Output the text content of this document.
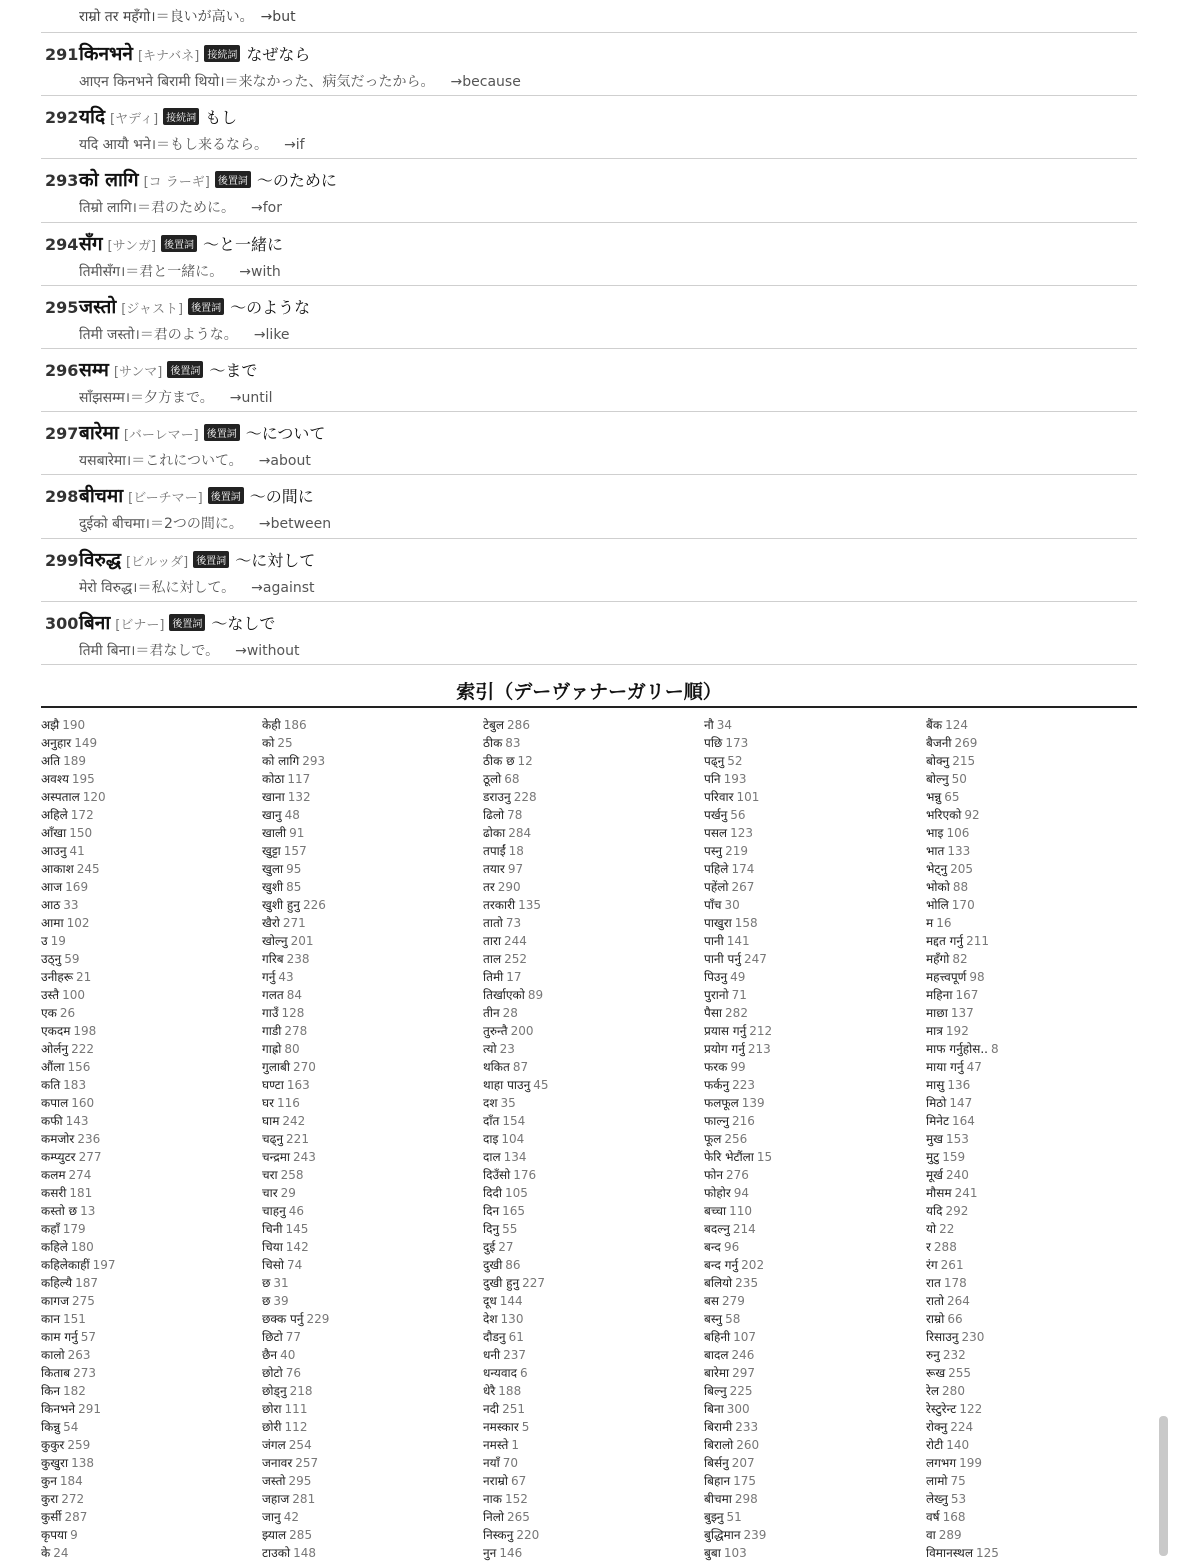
राम्रो तर महँगो।＝良いが高い。　→but
291 किनभने [キナバネ] 接続詞 なぜなら
आएन किनभने बिरामी थियो।＝来なかった、病気だったから。 →because
292 यदि [ヤディ] 接続詞 もし
यदि आयौ भने।＝もし来るなら。 →if
293 को लागि [コ ラーギ] 後置詞 〜のために
तिम्रो लागि।＝君のために。 →for
294 सँग [サンガ] 後置詞 〜と一緒に
तिमीसँग।＝君と一緒に。 →with
295 जस्तो [ジャスト] 後置詞 〜のような
तिमी जस्तो।＝君のような。 →like
296 सम्म [サンマ] 後置詞 〜まで
साँझसम्म।＝夕方まで。 →until
297 बारेमा [バーレマー] 後置詞 〜について
यसबारेमा।＝これについて。 →about
298 बीचमा [ビーチマー] 後置詞 〜の間に
दुईको बीचमा।＝2つの間に。 →between
299 विरुद्ध [ビルッダ] 後置詞 〜に対して
मेरो विरुद्ध।＝私に対して。 →against
300 बिना [ビナー] 後置詞 〜なしで
तिमी बिना।＝君なしで。 →without
索引（デーヴァナーガリー順）
अझै 190
अनुहार 149
अति 189
अवश्य 195
अस्पताल 120
अहिले 172
आँखा 150
आउनु 41
आकाश 245
आज 169
आठ 33
आमा 102
उ 19
उठ्नु 59
उनीहरू 21
उस्तै 100
एक 26
एकदम 198
ओर्लनु 222
औंला 156
कति 183
कपाल 160
कफी 143
कमजोर 236
कम्प्युटर 277
कलम 274
कसरी 181
कस्तो छ 13
कहाँ 179
कहिले 180
कहिलेकाहीं 197
कहिल्यै 187
कागज 275
कान 151
काम गर्नु 57
कालो 263
किताब 273
किन 182
किनभने 291
किन्नु 54
कुकुर 259
कुखुरा 138
कुन 184
कुरा 272
कुर्सी 287
कृपया 9
के 24
केही 186
को 25
को लागि 293
कोठा 117
खाना 132
खानु 48
खाली 91
खुट्टा 157
खुला 95
खुशी 85
खुशी हुनु 226
खैरो 271
खोल्नु 201
गरिब 238
गर्नु 43
गलत 84
गाउँ 128
गाडी 278
गाह्रो 80
गुलाबी 270
घण्टा 163
घर 116
घाम 242
चढ्नु 221
चन्द्रमा 243
चरा 258
चार 29
चाहनु 46
चिनी 145
चिया 142
चिसो 74
छ 31
छ 39
छक्क पर्नु 229
छिटो 77
छैन 40
छोटो 76
छोड्नु 218
छोरा 111
छोरी 112
जंगल 254
जनावर 257
जस्तो 295
जहाज 281
जानु 42
झ्याल 285
टाउको 148
टेबुल 286
ठीक 83
ठीक छ 12
ठूलो 68
डराउनु 228
ढिलो 78
ढोका 284
तपाईं 18
तयार 97
तर 290
तरकारी 135
तातो 73
तारा 244
ताल 252
तिमी 17
तिर्खाएको 89
तीन 28
तुरुन्तै 200
त्यो 23
थकित 87
थाहा पाउनु 45
दश 35
दाँत 154
दाइ 104
दाल 134
दिउँसो 176
दिदी 105
दिन 165
दिनु 55
दुई 27
दुखी 86
दुखी हुनु 227
दूध 144
देश 130
दौडनु 61
धनी 237
धन्यवाद 6
धेरै 188
नदी 251
नमस्कार 5
नमस्ते 1
नयाँ 70
नराम्रो 67
नाक 152
निलो 265
निस्कनु 220
नुन 146
नौ 34
पछि 173
पढ्नु 52
पनि 193
परिवार 101
पर्खनु 56
पसल 123
पस्नु 219
पहिले 174
पहेंलो 267
पाँच 30
पाखुरा 158
पानी 141
पानी पर्नु 247
पिउनु 49
पुरानो 71
पैसा 282
प्रयास गर्नु 212
प्रयोग गर्नु 213
फरक 99
फर्कनु 223
फलफूल 139
फाल्नु 216
फूल 256
फेरि भेटौंला 15
फोन 276
फोहोर 94
बच्चा 110
बदल्नु 214
बन्द 96
बन्द गर्नु 202
बलियो 235
बस 279
बस्नु 58
बहिनी 107
बादल 246
बारेमा 297
बिल्नु 225
बिना 300
बिरामी 233
बिरालो 260
बिर्सनु 207
बिहान 175
बीचमा 298
बुझ्नु 51
बुद्धिमान 239
बुबा 103
बैंक 124
बैजनी 269
बोक्नु 215
बोल्नु 50
भन्नु 65
भरिएको 92
भाइ 106
भात 133
भेट्नु 205
भोको 88
भोलि 170
म 16
मद्दत गर्नु 211
महँगो 82
महत्त्वपूर्ण 98
महिना 167
माछा 137
मात्र 192
माफ गर्नुहोस.. 8
माया गर्नु 47
मासु 136
मिठो 147
मिनेट 164
मुख 153
मुटु 159
मूर्ख 240
मौसम 241
यदि 292
यो 22
र 288
रंग 261
रात 178
रातो 264
राम्रो 66
रिसाउनु 230
रुनु 232
रूख 255
रेल 280
रेस्टुरेन्ट 122
रोक्नु 224
रोटी 140
लगभग 199
लामो 75
लेख्नु 53
वर्ष 168
वा 289
विमानस्थल 125
